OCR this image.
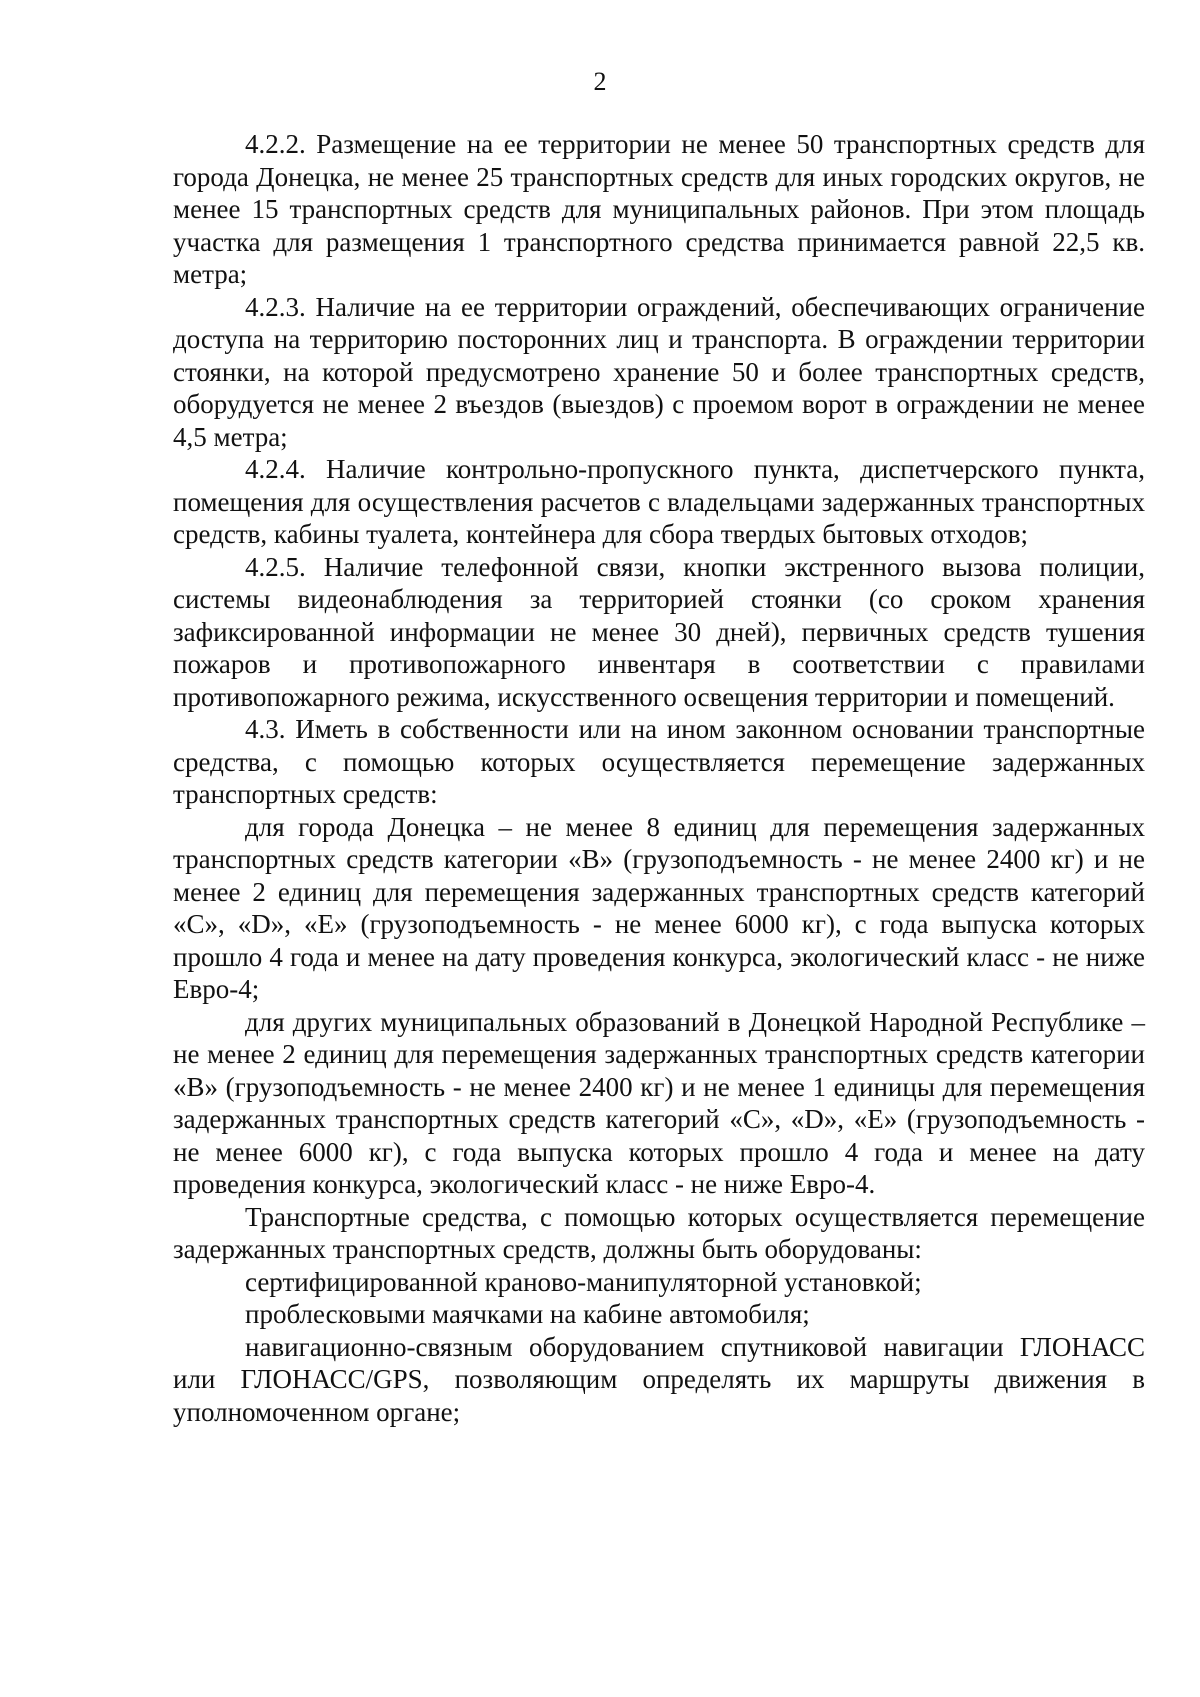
2

4.2.2. Размещение на ее территории не менее 50 транспортных средств для города Донецка, не менее 25 транспортных средств для иных городских округов, не менее 15 транспортных средств для муниципальных районов. При этом площадь участка для размещения 1 транспортного средства принимается равной 22,5 кв. метра;

4.2.3. Наличие на ее территории ограждений, обеспечивающих ограничение доступа на территорию посторонних лиц и транспорта. В ограждении территории стоянки, на которой предусмотрено хранение 50 и более транспортных средств, оборудуется не менее 2 въездов (выездов) с проемом ворот в ограждении не менее 4,5 метра;

4.2.4. Наличие контрольно-пропускного пункта, диспетчерского пункта, помещения для осуществления расчетов с владельцами задержанных транспортных средств, кабины туалета, контейнера для сбора твердых бытовых отходов;

4.2.5. Наличие телефонной связи, кнопки экстренного вызова полиции, системы видеонаблюдения за территорией стоянки (со сроком хранения зафиксированной информации не менее 30 дней), первичных средств тушения пожаров и противопожарного инвентаря в соответствии с правилами противопожарного режима, искусственного освещения территории и помещений.

4.3. Иметь в собственности или на ином законном основании транспортные средства, с помощью которых осуществляется перемещение задержанных транспортных средств:

для города Донецка – не менее 8 единиц для перемещения задержанных транспортных средств категории «B» (грузоподъемность - не менее 2400 кг) и не менее 2 единиц для перемещения задержанных транспортных средств категорий «C», «D», «E» (грузоподъемность - не менее 6000 кг), с года выпуска которых прошло 4 года и менее на дату проведения конкурса, экологический класс - не ниже Евро-4;

для других муниципальных образований в Донецкой Народной Республике – не менее 2 единиц для перемещения задержанных транспортных средств категории «B» (грузоподъемность - не менее 2400 кг) и не менее 1 единицы для перемещения задержанных транспортных средств категорий «C», «D», «E» (грузоподъемность - не менее 6000 кг), с года выпуска которых прошло 4 года и менее на дату проведения конкурса, экологический класс - не ниже Евро-4.

Транспортные средства, с помощью которых осуществляется перемещение задержанных транспортных средств, должны быть оборудованы:

сертифицированной краново-манипуляторной установкой;

проблесковыми маячками на кабине автомобиля;

навигационно-связным оборудованием спутниковой навигации ГЛОНАСС или ГЛОНАСС/GPS, позволяющим определять их маршруты движения в уполномоченном органе;
